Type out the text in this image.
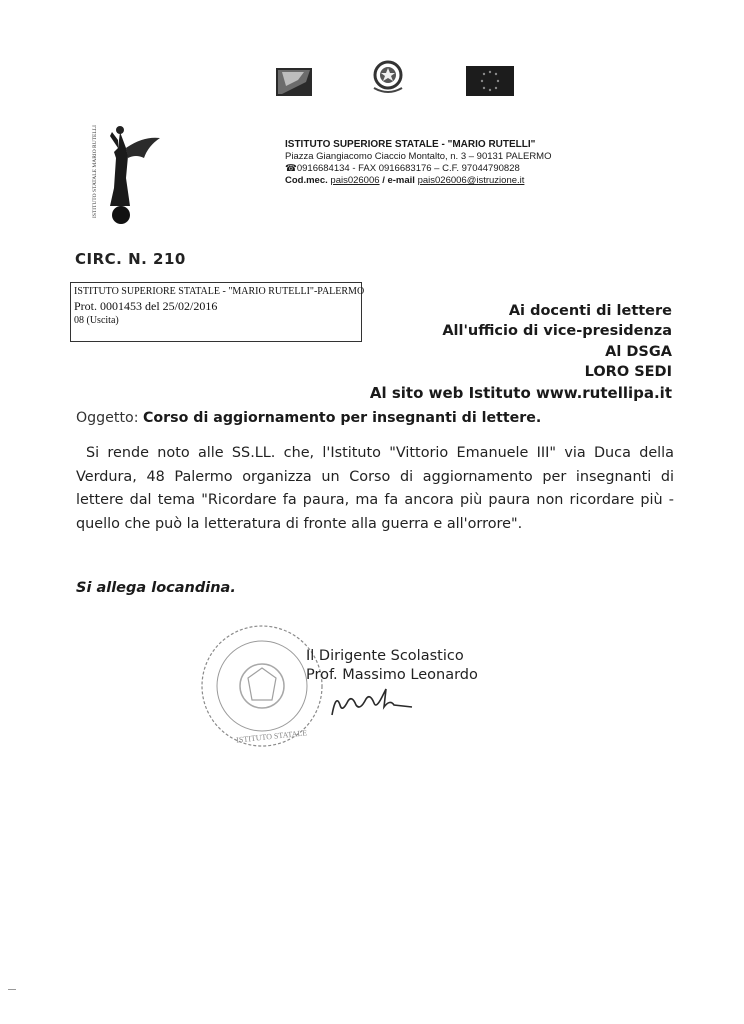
ISTITUTO STATALE MARIO RUTELLI	ISTITUTO SUPERIORE STATALE - "MARIO RUTELLI"
Piazza Giangiacomo Ciaccio Montalto, n. 3 – 90131 PALERMO
☎0916684134 - FAX 0916683176 – C.F. 97044790828
Cod.mec. pais026006 / e-mail pais026006@istruzione.it
CIRC. N. 210
ISTITUTO SUPERIORE STATALE - "MARIO RUTELLI"-PALERMO
Prot. 0001453 del 25/02/2016
08 (Uscita)
Ai docenti di lettere
All'ufficio di vice-presidenza
Al DSGA
LORO SEDI
Al sito web Istituto www.rutellipa.it
Oggetto: Corso di aggiornamento per insegnanti di lettere.
Si rende noto alle SS.LL. che, l'Istituto "Vittorio Emanuele III" via Duca della Verdura, 48 Palermo organizza un Corso di aggiornamento per insegnanti di lettere dal tema "Ricordare fa paura, ma fa ancora più paura non ricordare più - quello che può la letteratura di fronte alla guerra e all'orrore".
Si allega locandina.
ISTITUTO STATALE
Il Dirigente Scolastico
Prof. Massimo Leonardo
